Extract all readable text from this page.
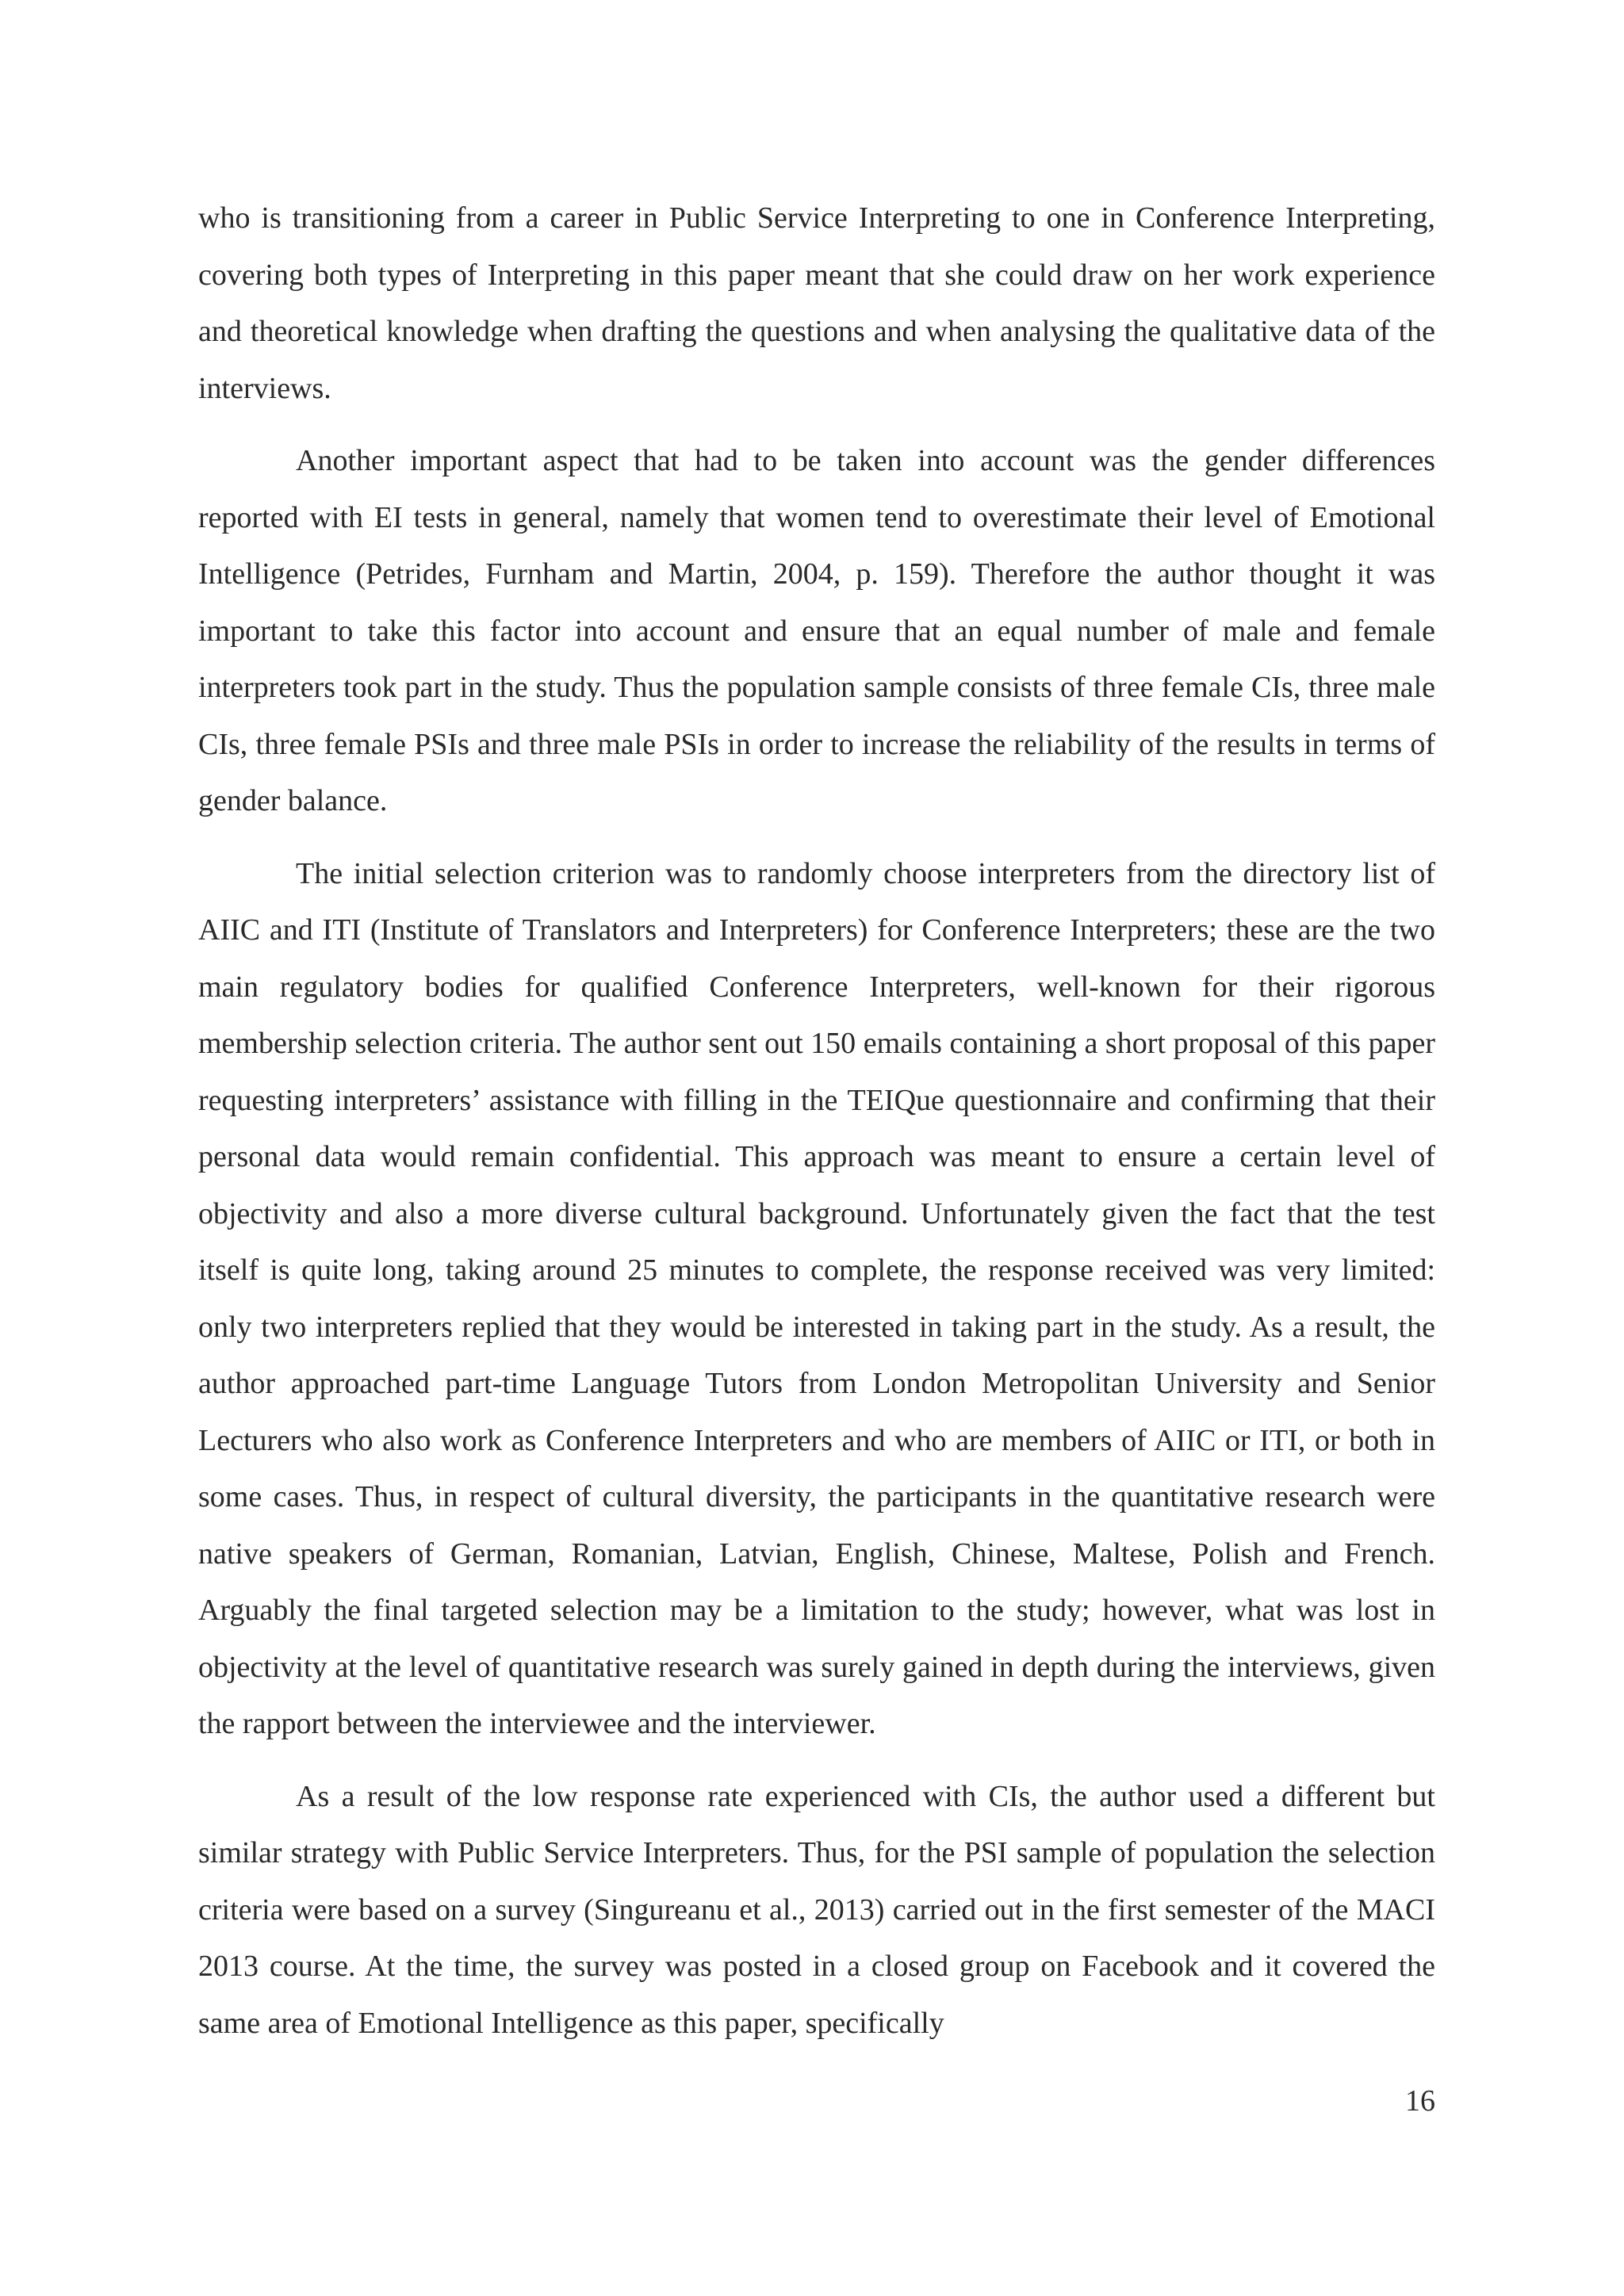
who is transitioning from a career in Public Service Interpreting to one in Conference Interpreting, covering both types of Interpreting in this paper meant that she could draw on her work experience and theoretical knowledge when drafting the questions and when analysing the qualitative data of the interviews.

Another important aspect that had to be taken into account was the gender differences reported with EI tests in general, namely that women tend to overestimate their level of Emotional Intelligence (Petrides, Furnham and Martin, 2004, p. 159). Therefore the author thought it was important to take this factor into account and ensure that an equal number of male and female interpreters took part in the study. Thus the population sample consists of three female CIs, three male CIs, three female PSIs and three male PSIs in order to increase the reliability of the results in terms of gender balance.

The initial selection criterion was to randomly choose interpreters from the directory list of AIIC and ITI (Institute of Translators and Interpreters) for Conference Interpreters; these are the two main regulatory bodies for qualified Conference Interpreters, well-known for their rigorous membership selection criteria. The author sent out 150 emails containing a short proposal of this paper requesting interpreters’ assistance with filling in the TEIQue questionnaire and confirming that their personal data would remain confidential. This approach was meant to ensure a certain level of objectivity and also a more diverse cultural background. Unfortunately given the fact that the test itself is quite long, taking around 25 minutes to complete, the response received was very limited: only two interpreters replied that they would be interested in taking part in the study. As a result, the author approached part-time Language Tutors from London Metropolitan University and Senior Lecturers who also work as Conference Interpreters and who are members of AIIC or ITI, or both in some cases. Thus, in respect of cultural diversity, the participants in the quantitative research were native speakers of German, Romanian, Latvian, English, Chinese, Maltese, Polish and French. Arguably the final targeted selection may be a limitation to the study; however, what was lost in objectivity at the level of quantitative research was surely gained in depth during the interviews, given the rapport between the interviewee and the interviewer.

As a result of the low response rate experienced with CIs, the author used a different but similar strategy with Public Service Interpreters. Thus, for the PSI sample of population the selection criteria were based on a survey (Singureanu et al., 2013) carried out in the first semester of the MACI 2013 course. At the time, the survey was posted in a closed group on Facebook and it covered the same area of Emotional Intelligence as this paper, specifically

16
